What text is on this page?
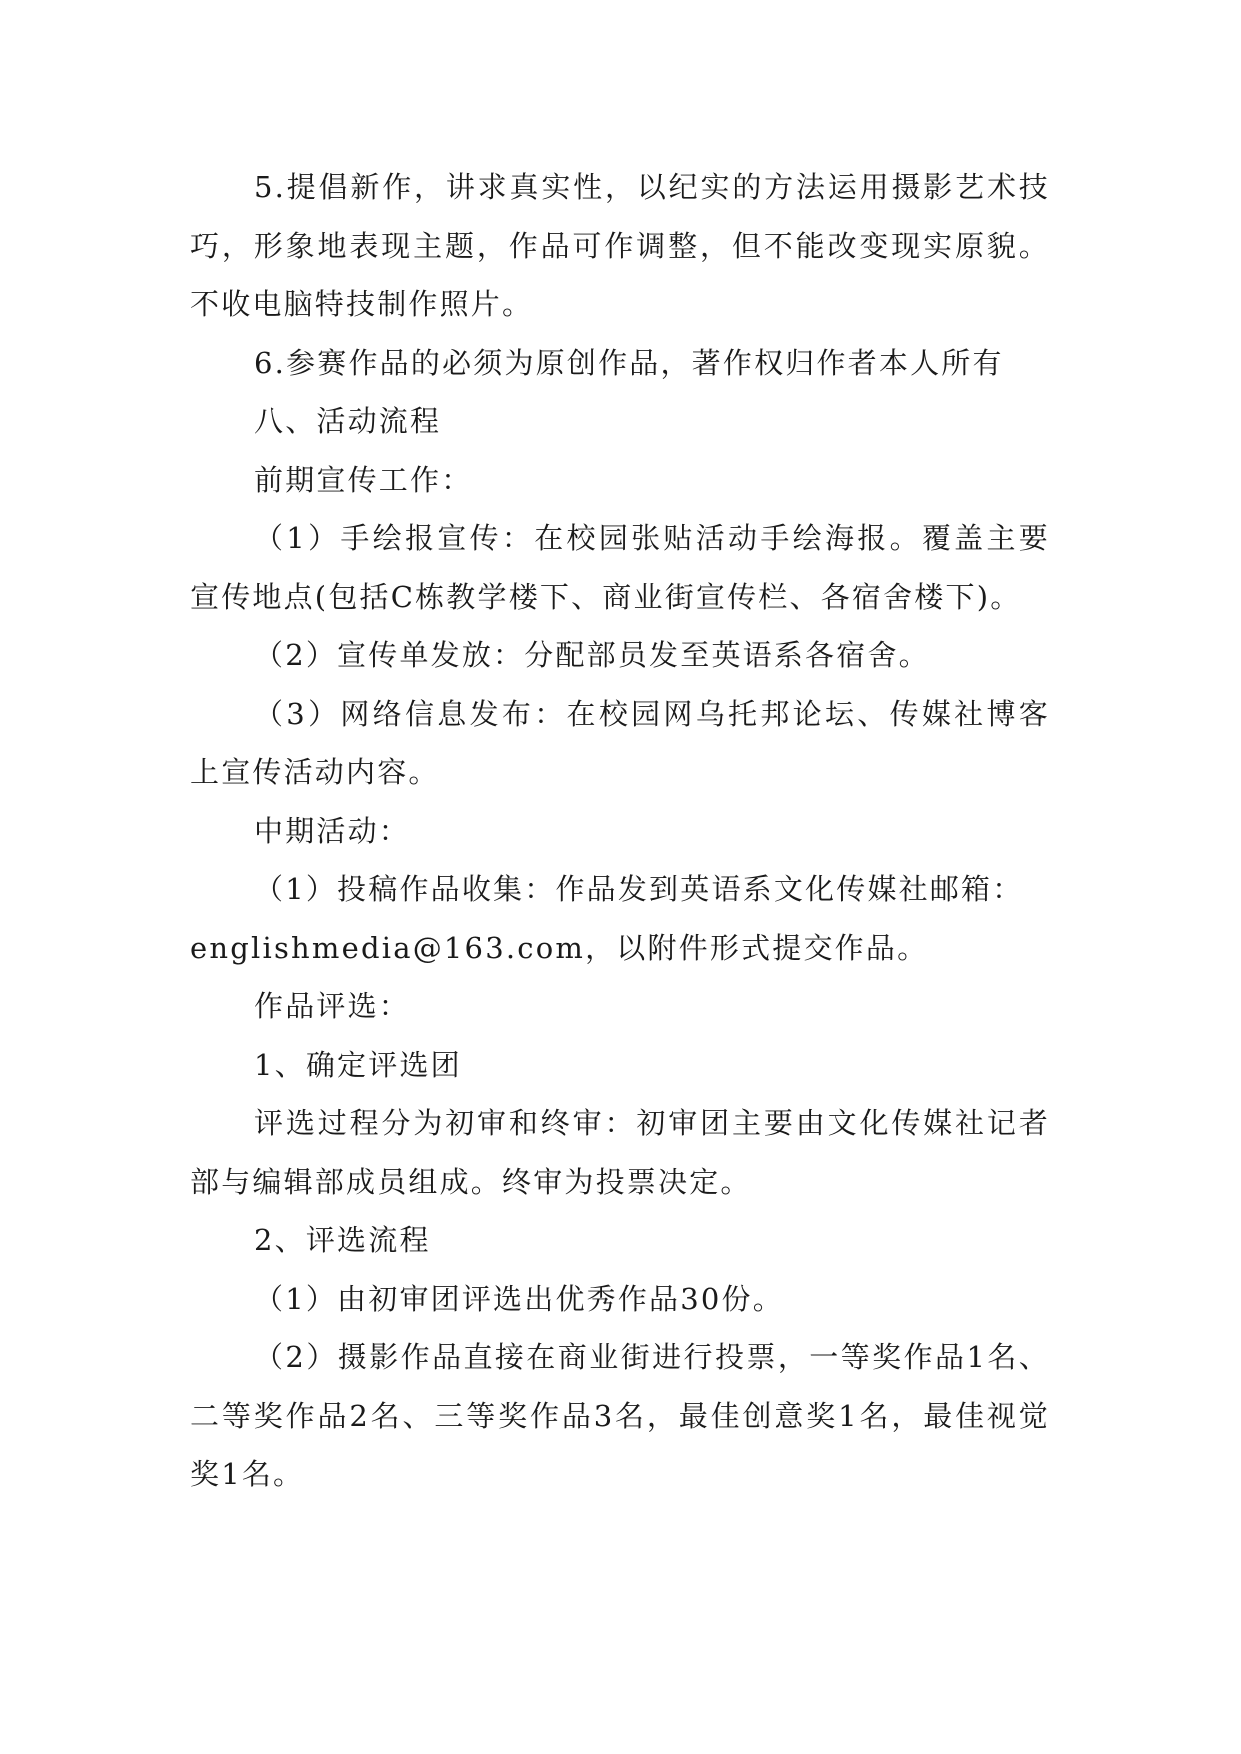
5.提倡新作，讲求真实性，以纪实的方法运用摄影艺术技巧，形象地表现主题，作品可作调整，但不能改变现实原貌。不收电脑特技制作照片。

6.参赛作品的必须为原创作品，著作权归作者本人所有

八、活动流程

前期宣传工作：

（1）手绘报宣传：在校园张贴活动手绘海报。覆盖主要宣传地点(包括C栋教学楼下、商业街宣传栏、各宿舍楼下)。

（2）宣传单发放：分配部员发至英语系各宿舍。

（3）网络信息发布：在校园网乌托邦论坛、传媒社博客上宣传活动内容。

中期活动：

（1）投稿作品收集：作品发到英语系文化传媒社邮箱：

englishmedia@163.com，以附件形式提交作品。

作品评选：

1、确定评选团

评选过程分为初审和终审：初审团主要由文化传媒社记者部与编辑部成员组成。终审为投票决定。

2、评选流程

（1）由初审团评选出优秀作品30份。

（2）摄影作品直接在商业街进行投票，一等奖作品1名、二等奖作品2名、三等奖作品3名，最佳创意奖1名，最佳视觉奖1名。
